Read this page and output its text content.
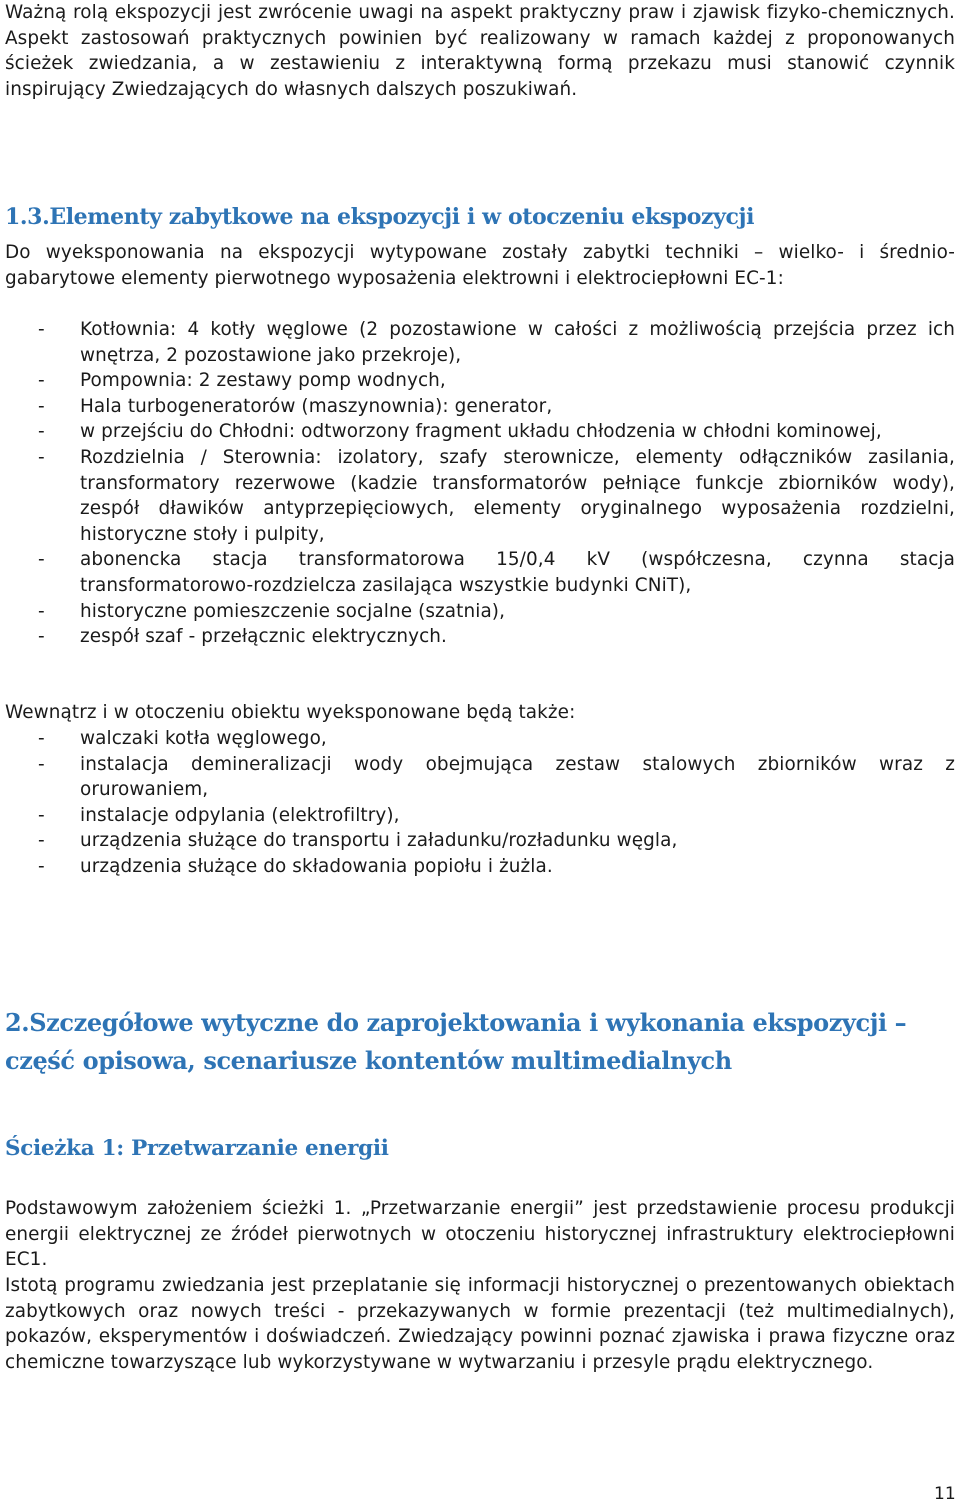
Ważną rolą ekspozycji jest zwrócenie uwagi na aspekt praktyczny praw i zjawisk fizyko-chemicznych. Aspekt zastosowań praktycznych powinien być realizowany w ramach każdej z proponowanych ścieżek zwiedzania, a w zestawieniu z interaktywną formą przekazu musi stanowić czynnik inspirujący Zwiedzających do własnych dalszych poszukiwań.

1.3.Elementy zabytkowe na ekspozycji i w otoczeniu ekspozycji

Do wyeksponowania na ekspozycji wytypowane zostały zabytki techniki – wielko- i średnio-gabarytowe elementy pierwotnego wyposażenia elektrowni i elektrociepłowni EC-1:

- Kotłownia: 4 kotły węglowe (2 pozostawione w całości z możliwością przejścia przez ich wnętrza, 2 pozostawione jako przekroje),
- Pompownia: 2 zestawy pomp wodnych,
- Hala turbogeneratorów (maszynownia): generator,
- w przejściu do Chłodni: odtworzony fragment układu chłodzenia w chłodni kominowej,
- Rozdzielnia / Sterownia: izolatory, szafy sterownicze, elementy odłączników zasilania, transformatory rezerwowe (kadzie transformatorów pełniące funkcje zbiorników wody), zespół dławików antyprzepięciowych, elementy oryginalnego wyposażenia rozdzielni, historyczne stoły i pulpity,
- abonencka stacja transformatorowa 15/0,4 kV (współczesna, czynna stacja transformatorowo-rozdzielcza zasilająca wszystkie budynki CNiT),
- historyczne pomieszczenie socjalne (szatnia),
- zespół szaf - przełącznic elektrycznych.

Wewnątrz i w otoczeniu obiektu wyeksponowane będą także:

- walczaki kotła węglowego,
- instalacja demineralizacji wody obejmująca zestaw stalowych zbiorników wraz z orurowaniem,
- instalacje odpylania (elektrofiltry),
- urządzenia służące do transportu i załadunku/rozładunku węgla,
- urządzenia służące do składowania popiołu i żużla.
2.Szczegółowe wytyczne do zaprojektowania i wykonania ekspozycji –
część opisowa, scenariusze kontentów multimedialnych
Ścieżka 1: Przetwarzanie energii

Podstawowym założeniem ścieżki 1. „Przetwarzanie energii” jest przedstawienie procesu produkcji energii elektrycznej ze źródeł pierwotnych w otoczeniu historycznej infrastruktury elektrociepłowni EC1.

Istotą programu zwiedzania jest przeplatanie się informacji historycznej o prezentowanych obiektach zabytkowych oraz nowych treści - przekazywanych w formie prezentacji (też multimedialnych), pokazów, eksperymentów i doświadczeń. Zwiedzający powinni poznać zjawiska i prawa fizyczne oraz chemiczne towarzyszące lub wykorzystywane w wytwarzaniu i przesyle prądu elektrycznego.

11
